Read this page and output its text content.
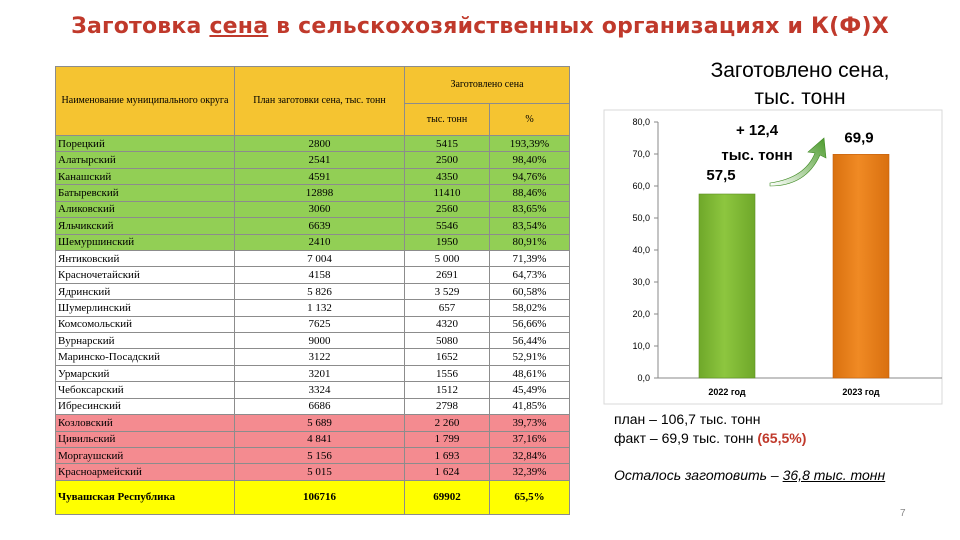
Заготовка сена в сельскохозяйственных организациях и К(Ф)Х
Наименование муниципального округа	План заготовки сена, тыс. тонн	Заготовлено сена	
		тыс. тонн	%
Порецкий	2800	5415	193,39%
Алатырский	2541	2500	98,40%
Канашский	4591	4350	94,76%
Батыревский	12898	11410	88,46%
Аликовский	3060	2560	83,65%
Яльчикский	6639	5546	83,54%
Шемуршинский	2410	1950	80,91%
Янтиковский	7 004	5 000	71,39%
Красночетайский	4158	2691	64,73%
Ядринский	5 826	3 529	60,58%
Шумерлинский	1 132	657	58,02%
Комсомольский	7625	4320	56,66%
Вурнарский	9000	5080	56,44%
Маринско-Посадский	3122	1652	52,91%
Урмарский	3201	1556	48,61%
Чебоксарский	3324	1512	45,49%
Ибресинский	6686	2798	41,85%
Козловский	5 689	2 260	39,73%
Цивильский	4 841	1 799	37,16%
Моргаушский	5 156	1 693	32,84%
Красноармейский	5 015	1 624	32,39%
Чувашская Республика	106716	69902	65,5%
Заготовлено сена,
тыс. тонн
0,0
10,0
20,0
30,0
40,0
50,0
60,0
70,0
80,0
57,5
2022 год
69,9
2023 год
+ 12,4
тыс. тонн
план – 106,7 тыс. тонн
факт – 69,9 тыс. тонн (65,5%)
Осталось заготовить – 36,8 тыс. тонн
7
